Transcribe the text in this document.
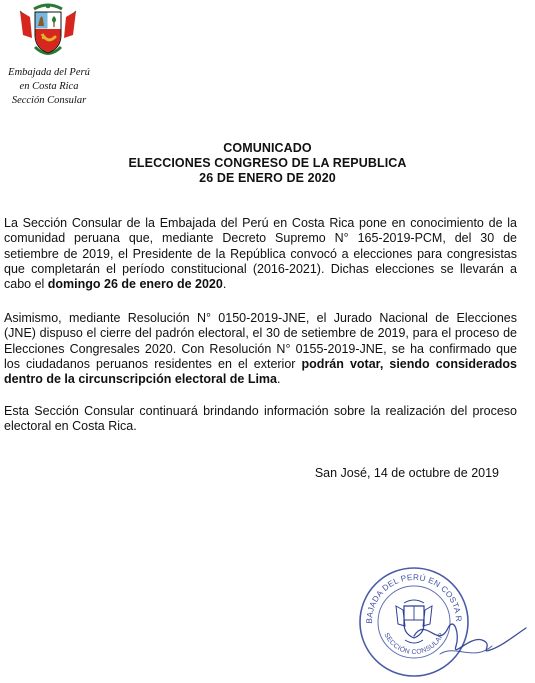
Embajada del Perú
en Costa Rica
Sección Consular
COMUNICADO
ELECCIONES CONGRESO DE LA REPUBLICA
26 DE ENERO DE 2020

La Sección Consular de la Embajada del Perú en Costa Rica pone en conocimiento de la comunidad peruana que, mediante Decreto Supremo N° 165-2019-PCM, del 30 de setiembre de 2019, el Presidente de la República convocó a elecciones para congresistas que completarán el período constitucional (2016-2021). Dichas elecciones se llevarán a cabo el domingo 26 de enero de 2020.

Asimismo, mediante Resolución N° 0150-2019-JNE, el Jurado Nacional de Elecciones (JNE) dispuso el cierre del padrón electoral, el 30 de setiembre de 2019, para el proceso de Elecciones Congresales 2020. Con Resolución N° 0155-2019-JNE, se ha confirmado que los ciudadanos peruanos residentes en el exterior podrán votar, siendo considerados dentro de la circunscripción electoral de Lima.

Esta Sección Consular continuará brindando información sobre la realización del proceso electoral en Costa Rica.

San José, 14 de octubre de 2019
BAJADA DEL PERÚ EN COSTA R
SECCIÓN CONSULAR
